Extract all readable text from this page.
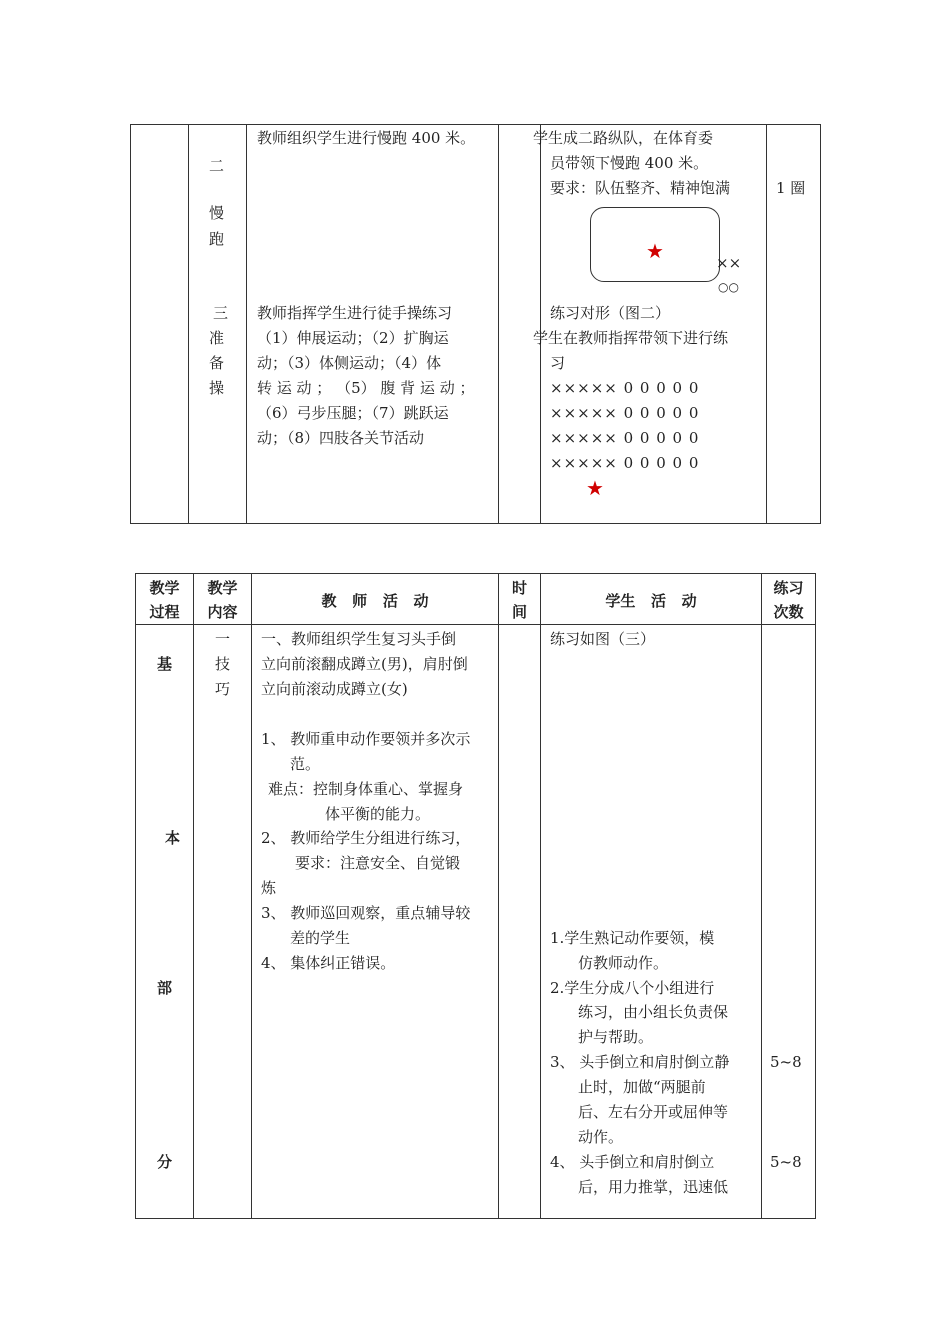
二
慢
跑
三
准
备
操
教师组织学生进行慢跑 400 米。
教师指挥学生进行徒手操练习
（1）伸展运动；（2）扩胸运
动；（3）体侧运动；（4）体
转 运 动 ； （5） 腹 背 运 动 ；
（6）弓步压腿；（7）跳跃运
动；（8）四肢各关节活动
学生成二路纵队，在体育委
员带领下慢跑 400 米。
要求：队伍整齐、精神饱满
★	××
○○
练习对形（图二）
学生在教师指挥带领下进行练
习
××××× 0 0 0 0 0
××××× 0 0 0 0 0
××××× 0 0 0 0 0
××××× 0 0 0 0 0
★
1 圈
教学
过程
教学
内容
教   师   活   动
时
间
学生   活   动
练习
次数
基
本
部
分
一
技
巧
一、教师组织学生复习头手倒
立向前滚翻成蹲立(男)，肩肘倒
立向前滚动成蹲立(女)
1、 教师重申动作要领并多次示
范。
难点：控制身体重心、掌握身
体平衡的能力。
2、 教师给学生分组进行练习，
要求：注意安全、自觉锻
炼
3、 教师巡回观察，重点辅导较
差的学生
4、 集体纠正错误。
练习如图（三）
1.学生熟记动作要领，模
仿教师动作。
2.学生分成八个小组进行
练习，由小组长负责保
护与帮助。
3、 头手倒立和肩肘倒立静
止时，加做“两腿前
后、左右分开或屈伸等
动作。
4、 头手倒立和肩肘倒立
后，用力推掌，迅速低
5~8
5~8
